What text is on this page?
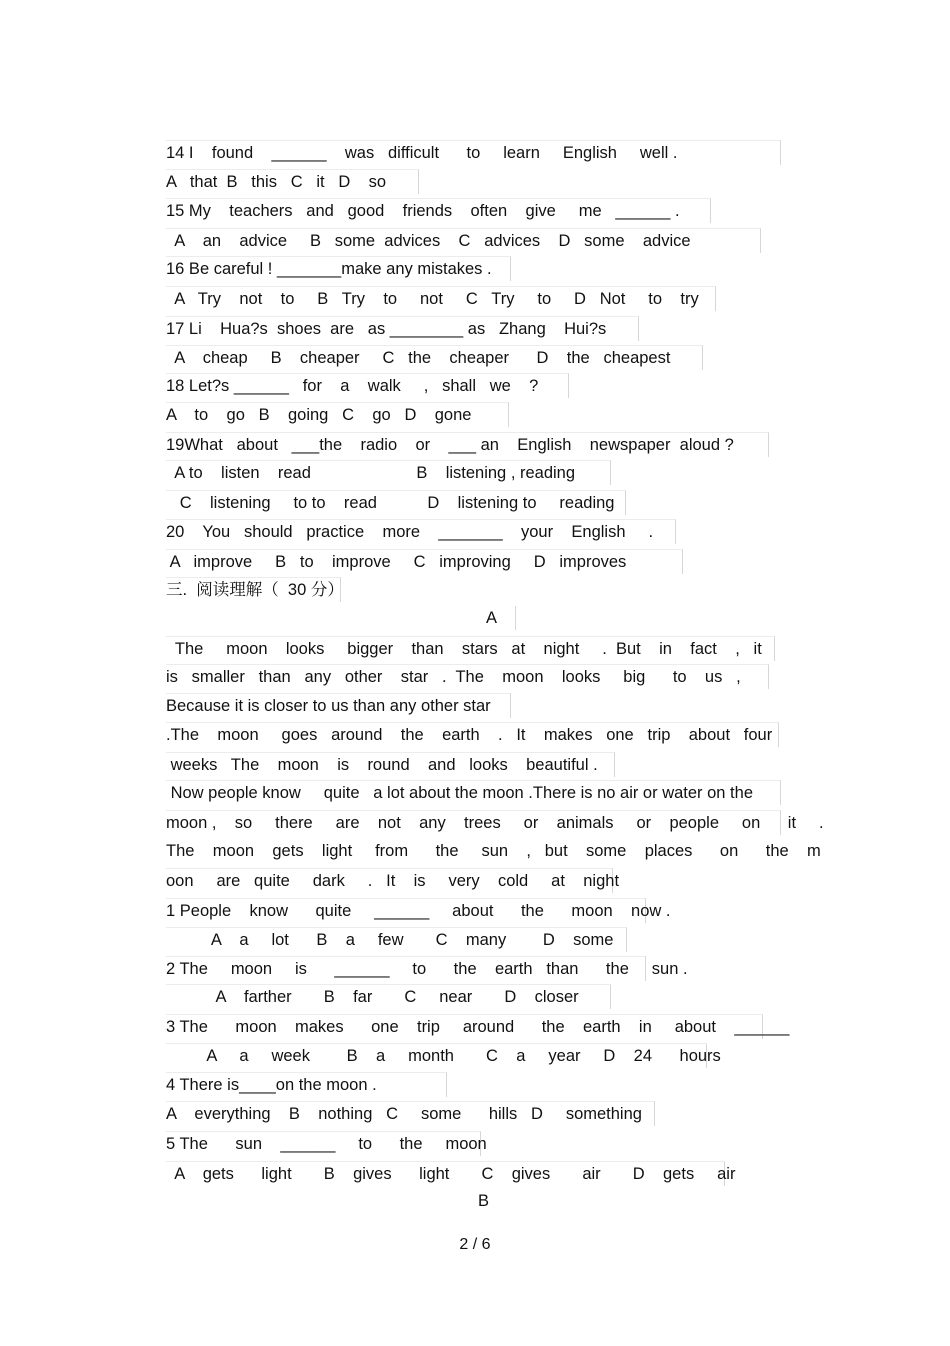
14 I    found    ______    was   difficult      to     learn     English     well .
A   that  B   this   C   it   D    so
15 My    teachers   and   good    friends    often    give     me   ______ .
A    an    advice     B   some  advices    C   advices    D   some    advice
16 Be careful ! _______make any mistakes .
A   Try    not    to     B   Try    to     not     C   Try     to     D   Not     to    try
17 Li    Hua?s  shoes  are   as ________ as   Zhang    Hui?s
A    cheap     B    cheaper     C   the    cheaper      D    the   cheapest
18 Let?s ______   for    a    walk     ,   shall   we    ?
A    to    go   B    going   C    go   D    gone
19What   about   ___the    radio    or    ___ an    English    newspaper  aloud ?
A to    listen    read                       B    listening , reading
C    listening     to to    read           D    listening to     reading
20    You   should   practice    more    _______    your    English     .
A   improve     B   to    improve     C   improving     D   improves
三.  阅读理解（  30 分）
A
The     moon    looks     bigger    than    stars   at    night     .  But    in    fact    ,   it
is   smaller   than   any   other    star   .  The    moon    looks     big      to    us   ,
Because it is closer to us than any other star
.The    moon     goes   around    the    earth    .   It    makes   one   trip    about   four
weeks   The    moon    is    round    and   looks    beautiful .
Now people know     quite   a lot about the moon .There is no air or water on the
moon ,    so     there     are    not    any    trees     or    animals     or    people     on      it     .
The    moon    gets    light     from      the     sun    ,   but    some    places      on      the    m
oon     are   quite     dark     .   It    is     very    cold     at    night
1 People    know      quite     ______     about      the      moon    now .
A    a     lot      B    a     few       C    many        D    some
2 The     moon     is      ______     to      the    earth   than      the     sun .
A    farther       B    far       C     near       D    closer
3 The      moon    makes      one    trip     around      the    earth    in     about    ______
A     a     week        B    a     month       C    a     year     D    24      hours
4 There is____on the moon .
A    everything    B    nothing   C     some      hills   D     something
5 The      sun    ______     to      the     moon
A    gets      light       B    gives      light       C    gives       air       D    gets     air
B
2 / 6
